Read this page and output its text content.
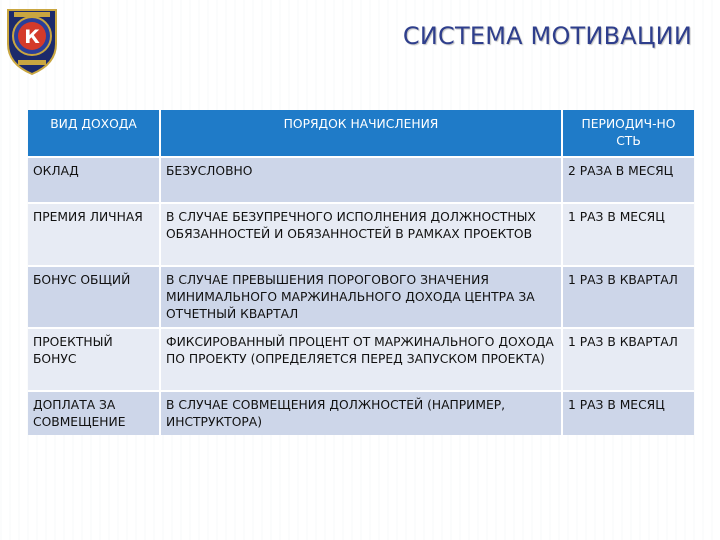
К	СИСТЕМА МОТИВАЦИИ
ВИД ДОХОДА	ПОРЯДОК НАЧИСЛЕНИЯ	ПЕРИОДИЧ-НО СТЬ
ОКЛАД	БЕЗУСЛОВНО	2 РАЗА В МЕСЯЦ
ПРЕМИЯ ЛИЧНАЯ	В СЛУЧАЕ БЕЗУПРЕЧНОГО ИСПОЛНЕНИЯ ДОЛЖНОСТНЫХ ОБЯЗАННОСТЕЙ И ОБЯЗАННОСТЕЙ В РАМКАХ ПРОЕКТОВ	1 РАЗ В МЕСЯЦ
БОНУС ОБЩИЙ	В СЛУЧАЕ ПРЕВЫШЕНИЯ ПОРОГОВОГО ЗНАЧЕНИЯ МИНИМАЛЬНОГО МАРЖИНАЛЬНОГО ДОХОДА ЦЕНТРА ЗА ОТЧЕТНЫЙ КВАРТАЛ	1 РАЗ В КВАРТАЛ
ПРОЕКТНЫЙ БОНУС	ФИКСИРОВАННЫЙ ПРОЦЕНТ ОТ МАРЖИНАЛЬНОГО ДОХОДА ПО ПРОЕКТУ (ОПРЕДЕЛЯЕТСЯ ПЕРЕД ЗАПУСКОМ ПРОЕКТА)	1 РАЗ В КВАРТАЛ
ДОПЛАТА ЗА СОВМЕЩЕНИЕ	В СЛУЧАЕ СОВМЕЩЕНИЯ ДОЛЖНОСТЕЙ (НАПРИМЕР, ИНСТРУКТОРА)	1 РАЗ В МЕСЯЦ
